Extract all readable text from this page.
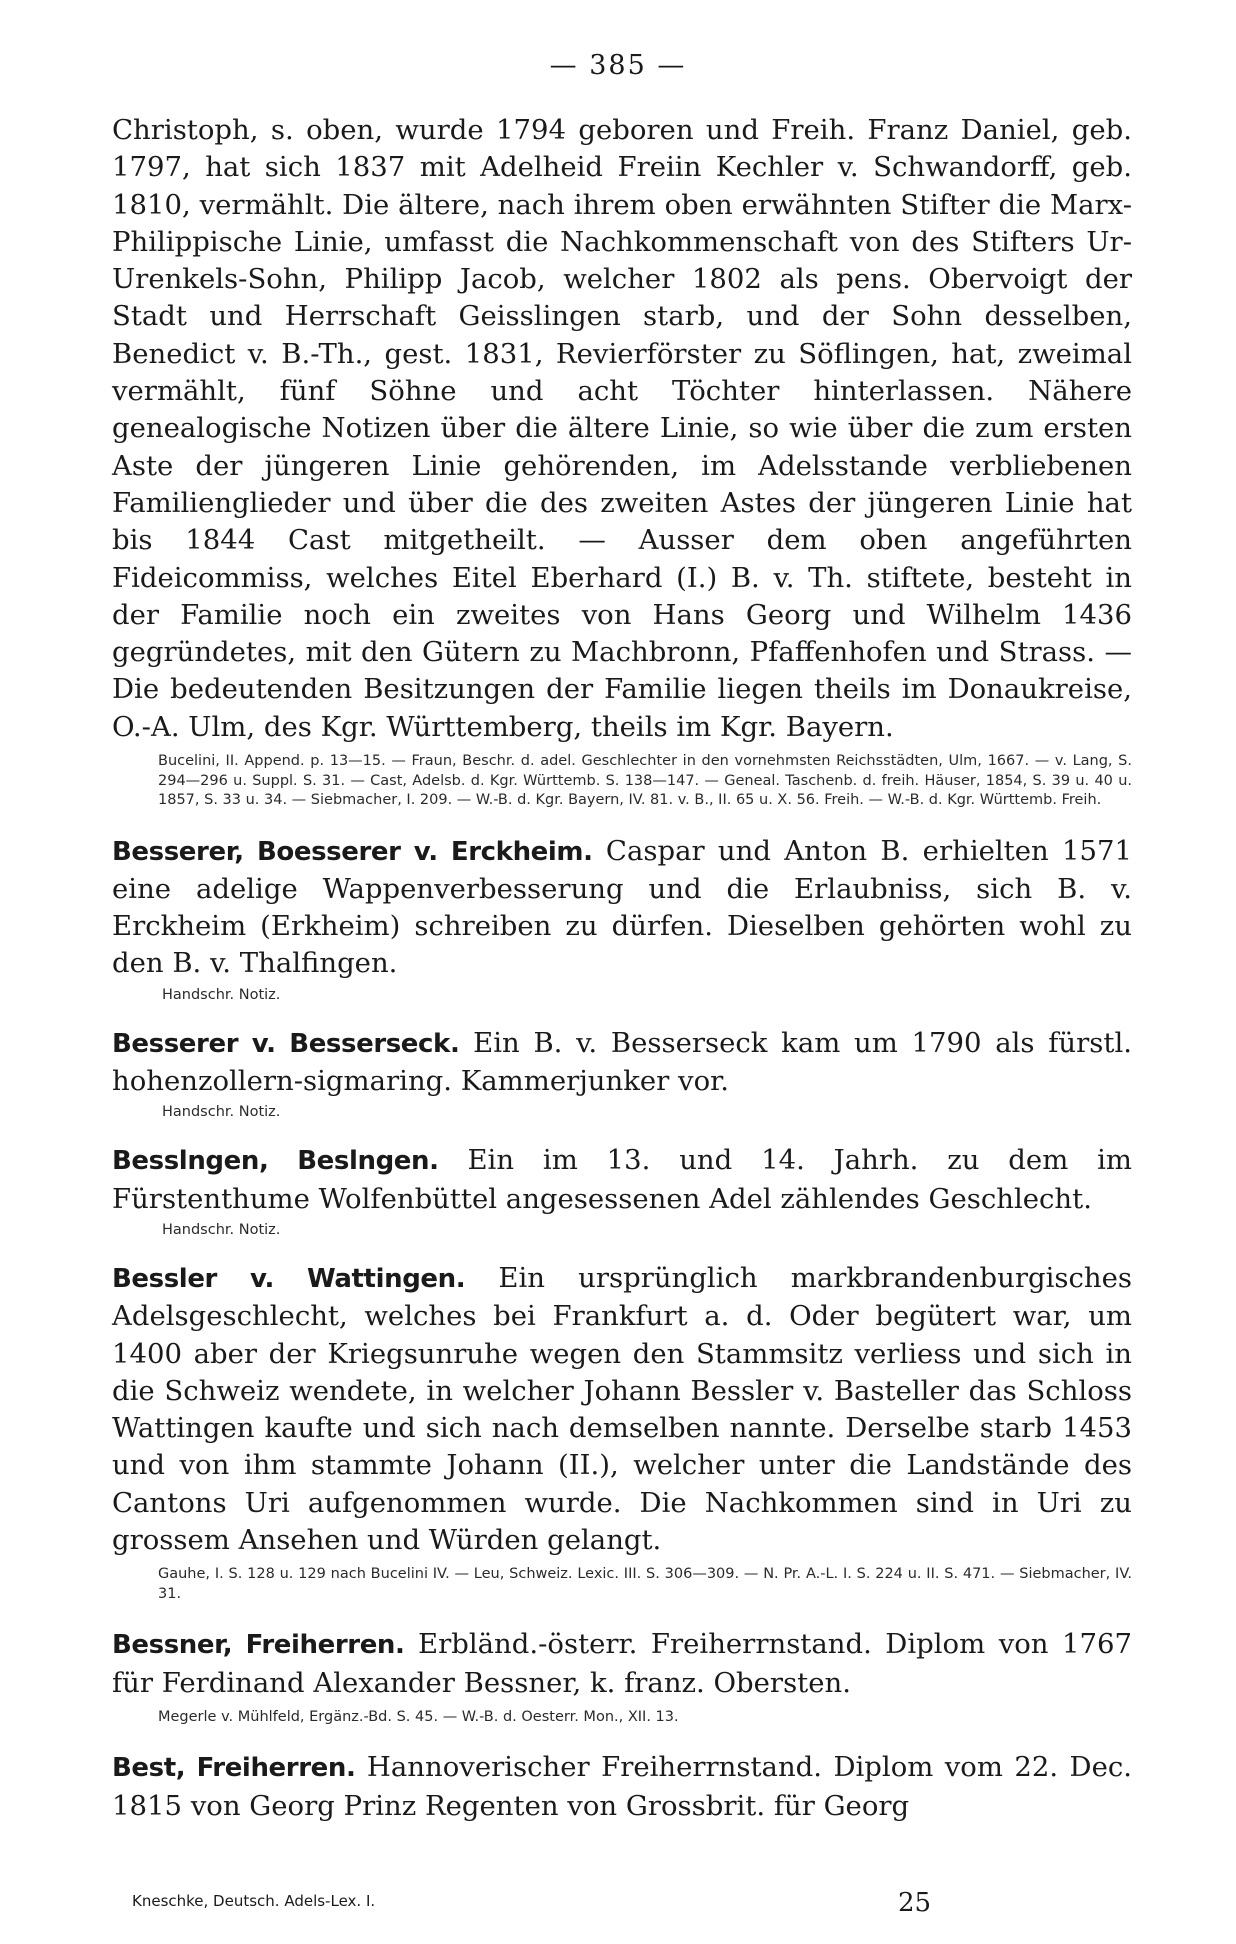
— 385 —

Christoph, s. oben, wurde 1794 geboren und Freih. Franz Daniel, geb. 1797, hat sich 1837 mit Adelheid Freiin Kechler v. Schwandorff, geb. 1810, vermählt. Die ältere, nach ihrem oben erwähnten Stifter die Marx-Philippische Linie, umfasst die Nachkommenschaft von des Stifters Ur-Urenkels-Sohn, Philipp Jacob, welcher 1802 als pens. Obervoigt der Stadt und Herrschaft Geisslingen starb, und der Sohn desselben, Benedict v. B.-Th., gest. 1831, Revierförster zu Söflingen, hat, zweimal vermählt, fünf Söhne und acht Töchter hinterlassen. Nähere genealogische Notizen über die ältere Linie, so wie über die zum ersten Aste der jüngeren Linie gehörenden, im Adelsstande verbliebenen Familienglieder und über die des zweiten Astes der jüngeren Linie hat bis 1844 Cast mitgetheilt. — Ausser dem oben angeführten Fideicommiss, welches Eitel Eberhard (I.) B. v. Th. stiftete, besteht in der Familie noch ein zweites von Hans Georg und Wilhelm 1436 gegründetes, mit den Gütern zu Machbronn, Pfaffenhofen und Strass. — Die bedeutenden Besitzungen der Familie liegen theils im Donaukreise, O.-A. Ulm, des Kgr. Württemberg, theils im Kgr. Bayern.

Bucelini, II. Append. p. 13—15. — Fraun, Beschr. d. adel. Geschlechter in den vornehmsten Reichsstädten, Ulm, 1667. — v. Lang, S. 294—296 u. Suppl. S. 31. — Cast, Adelsb. d. Kgr. Württemb. S. 138—147. — Geneal. Taschenb. d. freih. Häuser, 1854, S. 39 u. 40 u. 1857, S. 33 u. 34. — Siebmacher, I. 209. — W.-B. d. Kgr. Bayern, IV. 81. v. B., II. 65 u. X. 56. Freih. — W.-B. d. Kgr. Württemb. Freih.

Besserer, Boesserer v. Erckheim. Caspar und Anton B. erhielten 1571 eine adelige Wappenverbesserung und die Erlaubniss, sich B. v. Erckheim (Erkheim) schreiben zu dürfen. Dieselben gehörten wohl zu den B. v. Thalfingen.

Handschr. Notiz.

Besserer v. Besserseck. Ein B. v. Besserseck kam um 1790 als fürstl. hohenzollern-sigmaring. Kammerjunker vor.

Handschr. Notiz.

Besslngen, Beslngen. Ein im 13. und 14. Jahrh. zu dem im Fürstenthume Wolfenbüttel angesessenen Adel zählendes Geschlecht.

Handschr. Notiz.

Bessler v. Wattingen. Ein ursprünglich markbrandenburgisches Adelsgeschlecht, welches bei Frankfurt a. d. Oder begütert war, um 1400 aber der Kriegsunruhe wegen den Stammsitz verliess und sich in die Schweiz wendete, in welcher Johann Bessler v. Basteller das Schloss Wattingen kaufte und sich nach demselben nannte. Derselbe starb 1453 und von ihm stammte Johann (II.), welcher unter die Landstände des Cantons Uri aufgenommen wurde. Die Nachkommen sind in Uri zu grossem Ansehen und Würden gelangt.

Gauhe, I. S. 128 u. 129 nach Bucelini IV. — Leu, Schweiz. Lexic. III. S. 306—309. — N. Pr. A.-L. I. S. 224 u. II. S. 471. — Siebmacher, IV. 31.

Bessner, Freiherren. Erbländ.-österr. Freiherrnstand. Diplom von 1767 für Ferdinand Alexander Bessner, k. franz. Obersten.

Megerle v. Mühlfeld, Ergänz.-Bd. S. 45. — W.-B. d. Oesterr. Mon., XII. 13.

Best, Freiherren. Hannoverischer Freiherrnstand. Diplom vom 22. Dec. 1815 von Georg Prinz Regenten von Grossbrit. für Georg

Kneschke, Deutsch. Adels-Lex. I.	25
